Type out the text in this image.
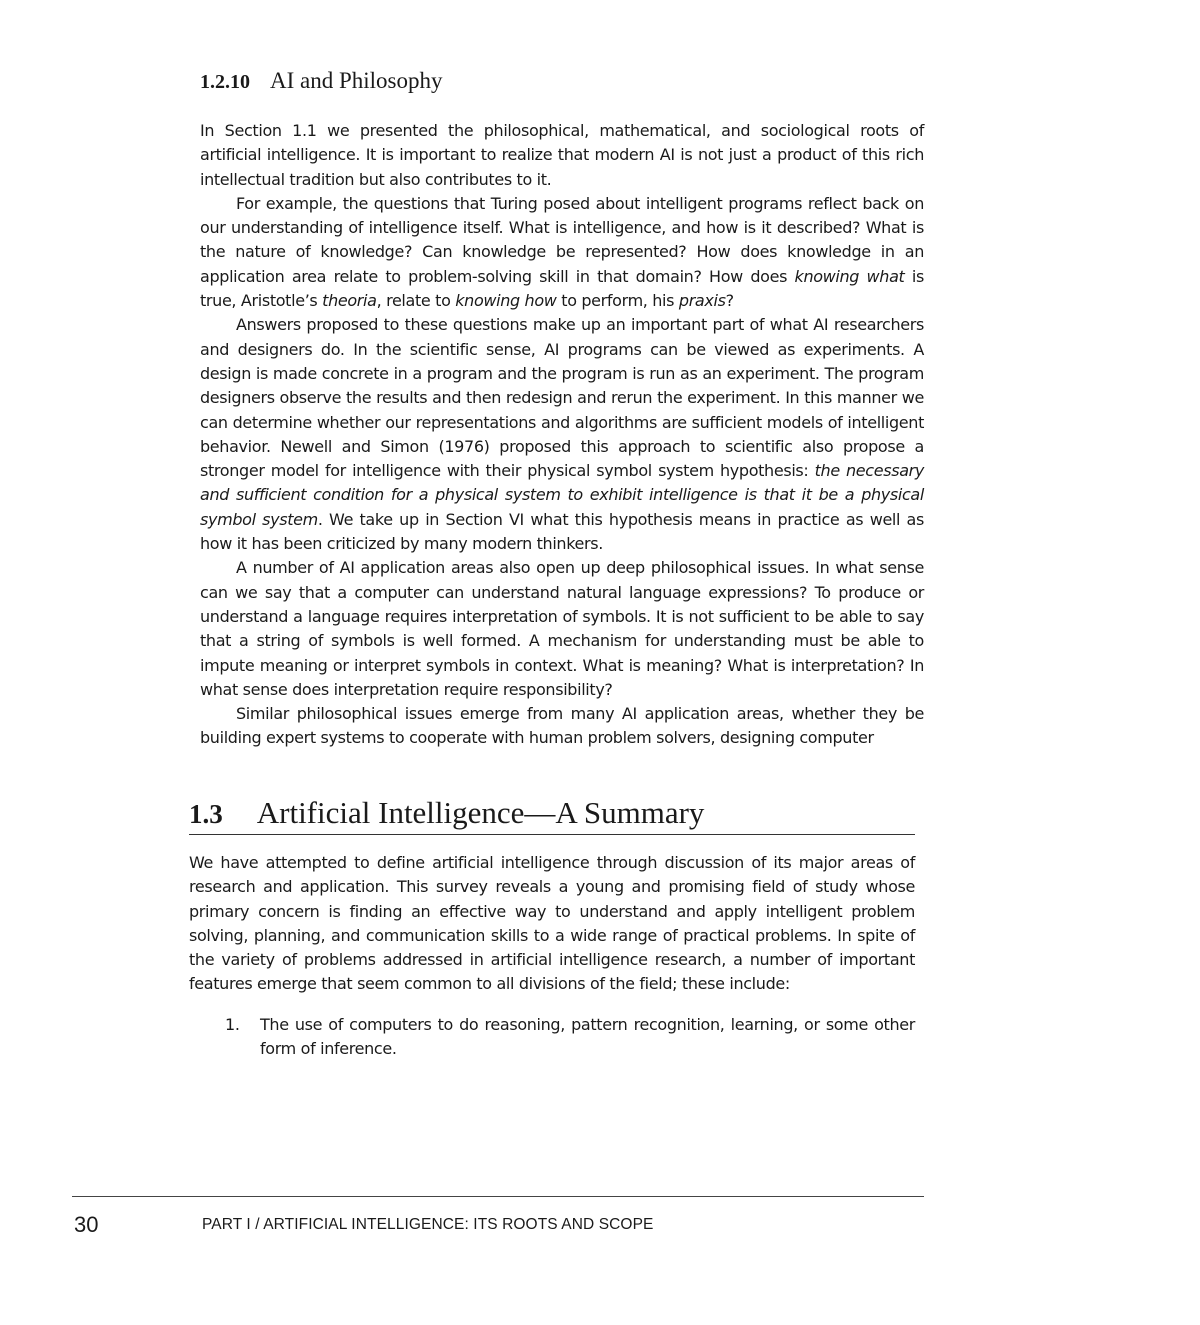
1.2.10 AI and Philosophy

In Section 1.1 we presented the philosophical, mathematical, and sociological roots of artificial intelligence. It is important to realize that modern AI is not just a product of this rich intellectual tradition but also contributes to it.

For example, the questions that Turing posed about intelligent programs reflect back on our understanding of intelligence itself. What is intelligence, and how is it described? What is the nature of knowledge? Can knowledge be represented? How does knowledge in an application area relate to problem-solving skill in that domain? How does knowing what is true, Aristotle’s theoria, relate to knowing how to perform, his praxis?

Answers proposed to these questions make up an important part of what AI researchers and designers do. In the scientific sense, AI programs can be viewed as experiments. A design is made concrete in a program and the program is run as an experiment. The program designers observe the results and then redesign and rerun the experiment. In this manner we can determine whether our representations and algorithms are sufficient models of intelligent behavior. Newell and Simon (1976) proposed this approach to scientific also propose a stronger model for intelligence with their physical symbol system hypothesis: the necessary and sufficient condition for a physical system to exhibit intelligence is that it be a physical symbol system. We take up in Section VI what this hypothesis means in practice as well as how it has been criticized by many modern thinkers.

A number of AI application areas also open up deep philosophical issues. In what sense can we say that a computer can understand natural language expressions? To produce or understand a language requires interpretation of symbols. It is not sufficient to be able to say that a string of symbols is well formed. A mechanism for understanding must be able to impute meaning or interpret symbols in context. What is meaning? What is interpretation? In what sense does interpretation require responsibility?

Similar philosophical issues emerge from many AI application areas, whether they be building expert systems to cooperate with human problem solvers, designing computer

1.3 Artificial Intelligence—A Summary

We have attempted to define artificial intelligence through discussion of its major areas of research and application. This survey reveals a young and promising field of study whose primary concern is finding an effective way to understand and apply intelligent problem solving, planning, and communication skills to a wide range of practical problems. In spite of the variety of problems addressed in artificial intelligence research, a number of important features emerge that seem common to all divisions of the field; these include:

1. The use of computers to do reasoning, pattern recognition, learning, or some other form of inference.
30	PART I / ARTIFICIAL INTELLIGENCE: ITS ROOTS AND SCOPE
